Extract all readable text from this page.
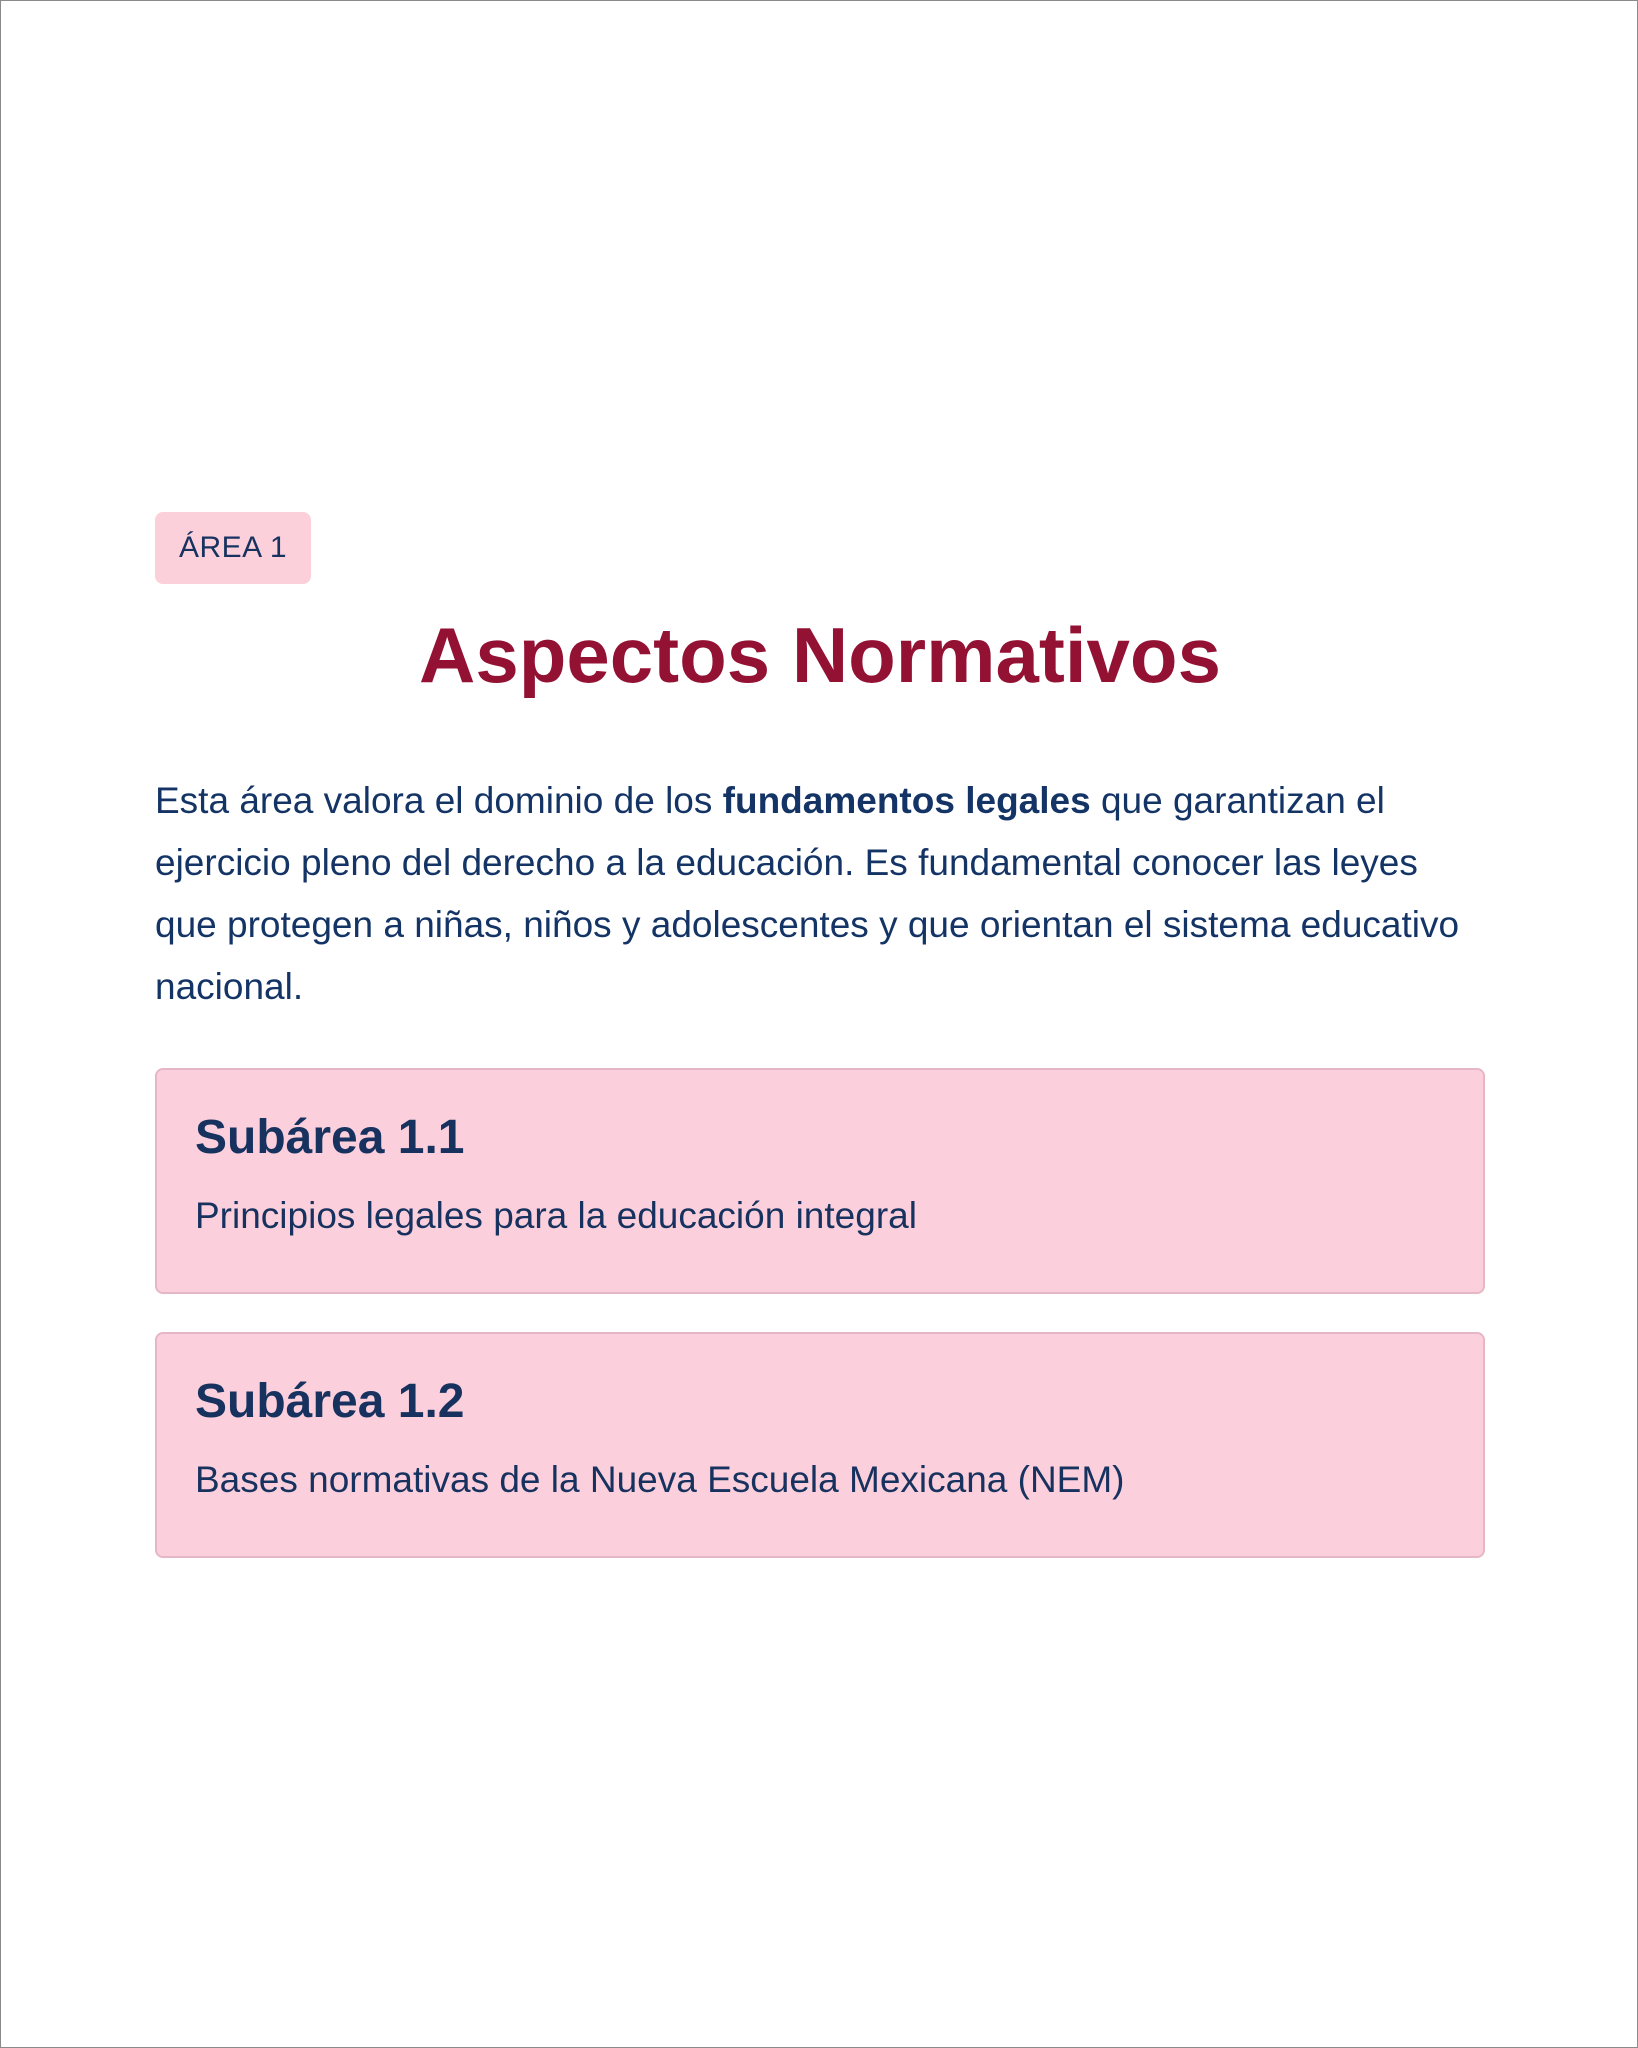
ÁREA 1
Aspectos Normativos

Esta área valora el dominio de los fundamentos legales que garantizan el ejercicio pleno del derecho a la educación. Es fundamental conocer las leyes que protegen a niñas, niños y adolescentes y que orientan el sistema educativo nacional.

Subárea 1.1
Principios legales para la educación integral
Subárea 1.2
Bases normativas de la Nueva Escuela Mexicana (NEM)
